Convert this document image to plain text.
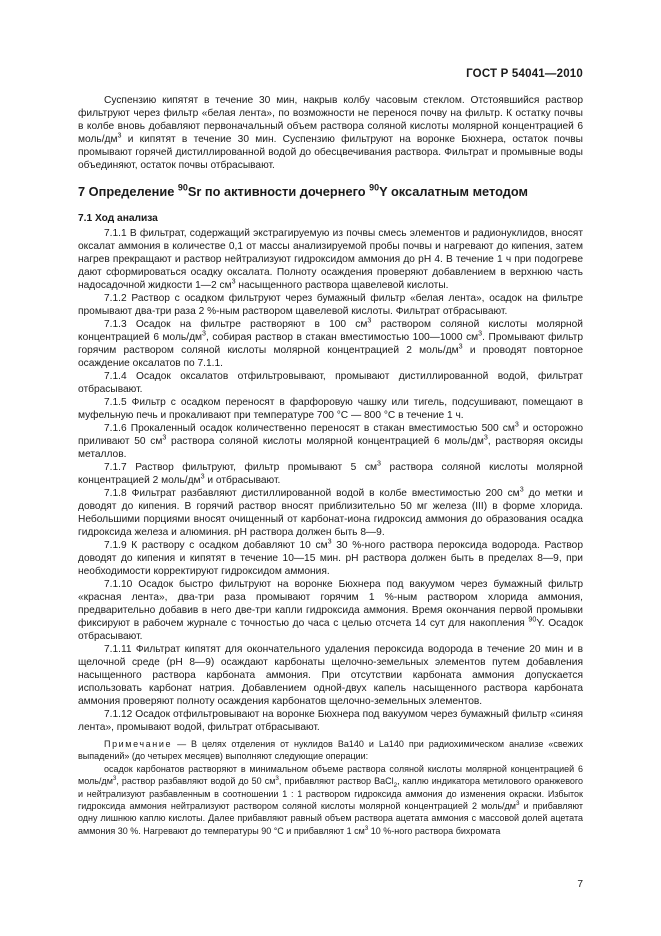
ГОСТ Р 54041—2010

Суспензию кипятят в течение 30 мин, накрыв колбу часовым стеклом. Отстоявшийся раствор фильтруют через фильтр «белая лента», по возможности не перенося почву на фильтр. К остатку почвы в колбе вновь добавляют первоначальный объем раствора соляной кислоты молярной концентрацией 6 моль/$дм^3$ и кипятят в течение 30 мин. Суспензию фильтруют на воронке Бюхнера, остаток почвы промывают горячей дистиллированной водой до обесцвечивания раствора. Фильтрат и промывные воды объединяют, остаток почвы отбрасывают.

7 Определение $^{90}$Sr по активности дочернего $^{90}$Y оксалатным методом

7.1 Ход анализа

7.1.1 В фильтрат, содержащий экстрагируемую из почвы смесь элементов и радионуклидов, вносят оксалат аммония в количестве 0,1 от массы анализируемой пробы почвы и нагревают до кипения, затем нагрев прекращают и раствор нейтрализуют гидроксидом аммония до рН 4. В течение 1 ч при подогреве дают сформироваться осадку оксалата. Полноту осаждения проверяют добавлением в верхнюю часть надосадочной жидкости 1—2 $см^3$ насыщенного раствора щавелевой кислоты.

7.1.2 Раствор с осадком фильтруют через бумажный фильтр «белая лента», осадок на фильтре промывают два-три раза 2 %-ным раствором щавелевой кислоты. Фильтрат отбрасывают.

7.1.3 Осадок на фильтре растворяют в 100 $см^3$ раствором соляной кислоты молярной концентрацией 6 моль/$дм^3$, собирая раствор в стакан вместимостью 100—1000 $см^3$. Промывают фильтр горячим раствором соляной кислоты молярной концентрацией 2 моль/$дм^3$ и проводят повторное осаждение оксалатов по 7.1.1.

7.1.4 Осадок оксалатов отфильтровывают, промывают дистиллированной водой, фильтрат отбрасывают.

7.1.5 Фильтр с осадком переносят в фарфоровую чашку или тигель, подсушивают, помещают в муфельную печь и прокаливают при температуре 700 °С — 800 °С в течение 1 ч.

7.1.6 Прокаленный осадок количественно переносят в стакан вместимостью 500 $см^3$ и осторожно приливают 50 $см^3$ раствора соляной кислоты молярной концентрацией 6 моль/$дм^3$, растворяя оксиды металлов.

7.1.7 Раствор фильтруют, фильтр промывают 5 $см^3$ раствора соляной кислоты молярной концентрацией 2 моль/$дм^3$ и отбрасывают.

7.1.8 Фильтрат разбавляют дистиллированной водой в колбе вместимостью 200 $см^3$ до метки и доводят до кипения. В горячий раствор вносят приблизительно 50 мг железа (III) в форме хлорида. Небольшими порциями вносят очищенный от карбонат-иона гидроксид аммония до образования осадка гидроксида железа и алюминия. рН раствора должен быть 8—9.

7.1.9 К раствору с осадком добавляют 10 $см^3$ 30 %-ного раствора пероксида водорода. Раствор доводят до кипения и кипятят в течение 10—15 мин. рН раствора должен быть в пределах 8—9, при необходимости корректируют гидроксидом аммония.

7.1.10 Осадок быстро фильтруют на воронке Бюхнера под вакуумом через бумажный фильтр «красная лента», два-три раза промывают горячим 1 %-ным раствором хлорида аммония, предварительно добавив в него две-три капли гидроксида аммония. Время окончания первой промывки фиксируют в рабочем журнале с точностью до часа с целью отсчета 14 сут для накопления $^{90}$Y. Осадок отбрасывают.

7.1.11 Фильтрат кипятят для окончательного удаления пероксида водорода в течение 20 мин и в щелочной среде (рН 8—9) осаждают карбонаты щелочно-земельных элементов путем добавления насыщенного раствора карбоната аммония. При отсутствии карбоната аммония допускается использовать карбонат натрия. Добавлением одной-двух капель насыщенного раствора карбоната аммония проверяют полноту осаждения карбонатов щелочно-земельных элементов.

7.1.12 Осадок отфильтровывают на воронке Бюхнера под вакуумом через бумажный фильтр «синяя лента», промывают водой, фильтрат отбрасывают.

Примечание — В целях отделения от нуклидов Ва140 и La140 при радиохимическом анализе «свежих выпадений» (до четырех месяцев) выполняют следующие операции:

осадок карбонатов растворяют в минимальном объеме раствора соляной кислоты молярной концентрацией 6 моль/$дм^3$, раствор разбавляют водой до 50 $см^3$, прибавляют раствор BaCl$_2$, каплю индикатора метилового оранжевого и нейтрализуют разбавленным в соотношении 1 : 1 раствором гидроксида аммония до изменения окраски. Избыток гидроксида аммония нейтрализуют раствором соляной кислоты молярной концентрацией 2 моль/$дм^3$ и прибавляют одну лишнюю каплю кислоты. Далее прибавляют равный объем раствора ацетата аммония с массовой долей ацетата аммония 30 %. Нагревают до температуры 90 °С и прибавляют 1 $см^3$ 10 %-ного раствора бихромата

7
